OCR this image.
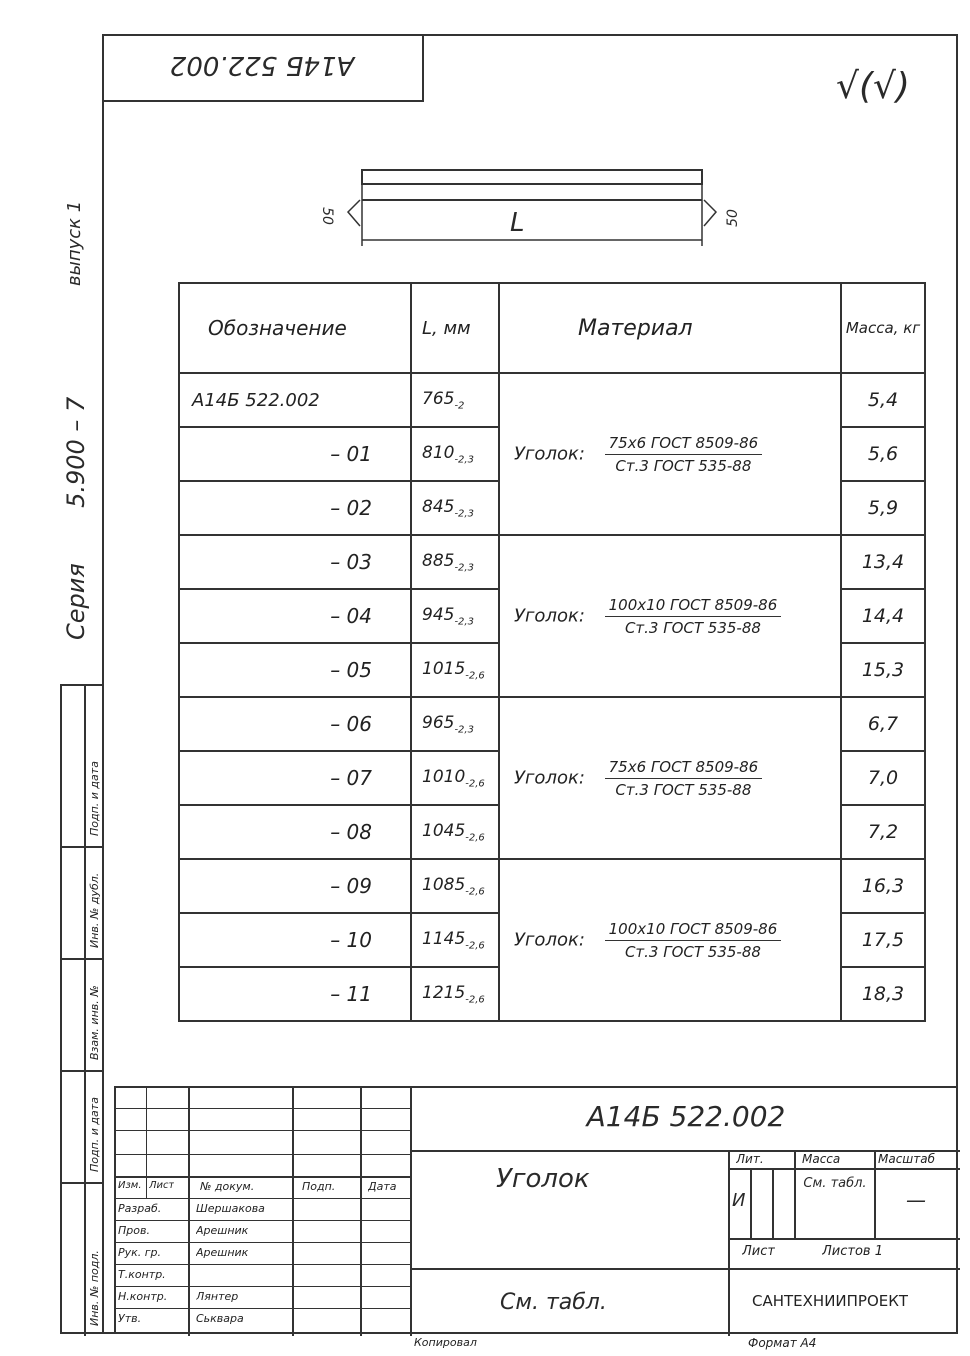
А14Б 522.002
√(√)
L
50	50
Серия  5.900 – 7
выпуск 1
Подп. и дата
Инв. № дубл.
Взам. инв. №
Подп. и дата
Инв. № подл.
Обозначение	L, мм	Материал	Масса, кг
А14Б 522.002	$765_{-2}$	Уголок: $\frac{\text{75х6 ГОСТ 8509-86}}{\text{Ст.3 ГОСТ 535-88}}$	5,4
– 01	$810_{-2,3}$		5,6
– 02	$845_{-2,3}$		5,9
– 03	$885_{-2,3}$	Уголок: $\frac{\text{100х10 ГОСТ 8509-86}}{\text{Ст.3 ГОСТ 535-88}}$	13,4
– 04	$945_{-2,3}$		14,4
– 05	$1015_{-2,6}$		15,3
– 06	$965_{-2,3}$	Уголок: $\frac{\text{75х6 ГОСТ 8509-86}}{\text{Ст.3 ГОСТ 535-88}}$	6,7
– 07	$1010_{-2,6}$		7,0
– 08	$1045_{-2,6}$		7,2
– 09	$1085_{-2,6}$	Уголок: $\frac{\text{100х10 ГОСТ 8509-86}}{\text{Ст.3 ГОСТ 535-88}}$	16,3
– 10	$1145_{-2,6}$		17,5
– 11	$1215_{-2,6}$		18,3
Изм. Лист № докум.	Подп.	Дата
Разраб.	Шершакова
Пров.	Арешник
Рук. гр.	Арешник
Т.контр.
Н.контр.	Лянтер
Утв.	Ськвара
А14Б 522.002
Уголок
См. табл.
Лит.	Масса	Масштаб
И
См. табл.
—
Лист	Листов 1
САНТЕХНИИПРОЕКТ
Копировал	Формат А4
